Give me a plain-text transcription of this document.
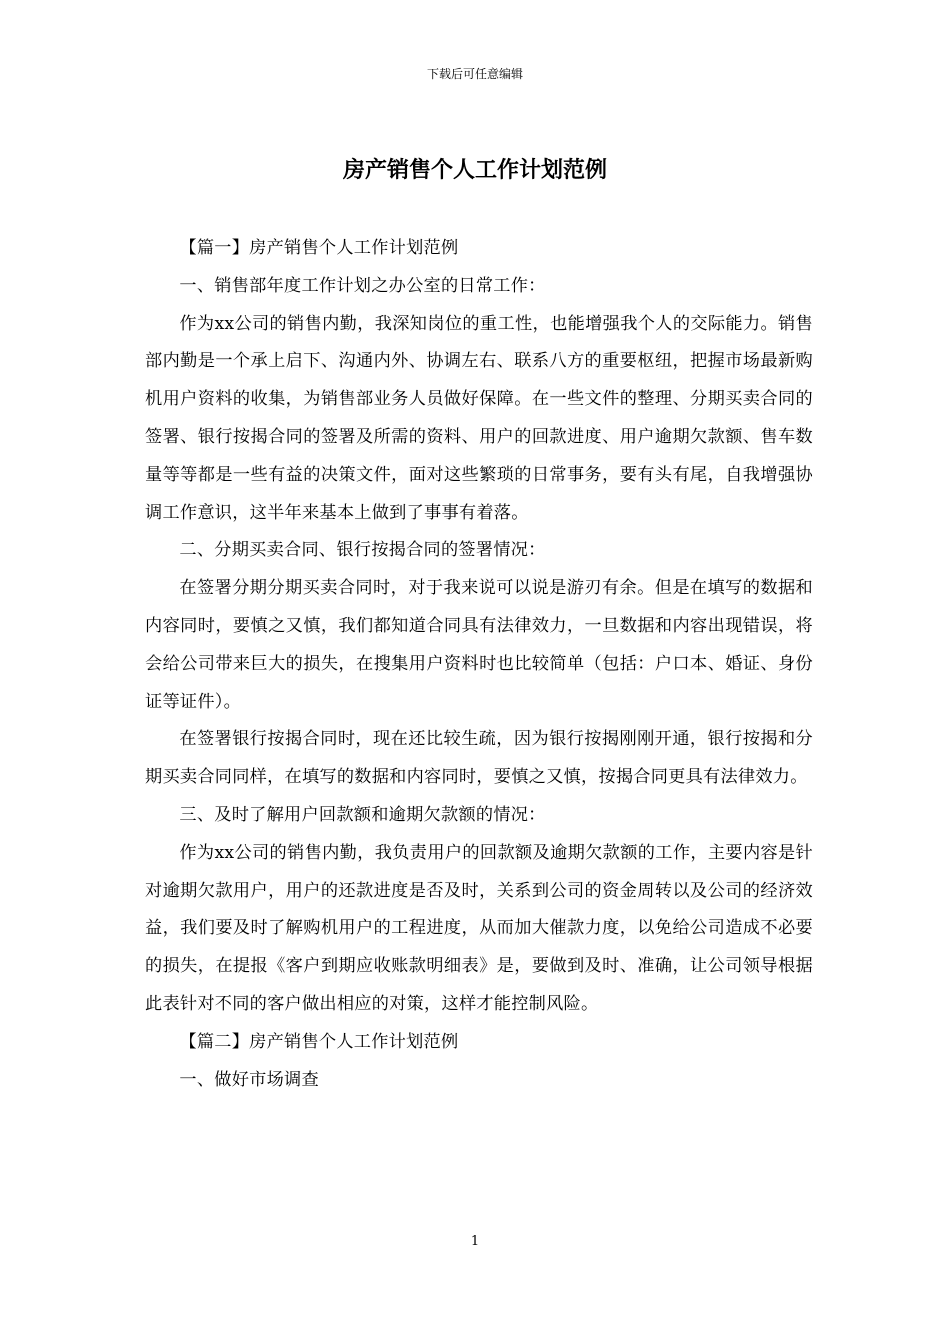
下载后可任意编辑
房产销售个人工作计划范例

【篇一】房产销售个人工作计划范例

一、销售部年度工作计划之办公室的日常工作：

作为xx公司的销售内勤，我深知岗位的重工性，也能增强我个人的交际能力。销售部内勤是一个承上启下、沟通内外、协调左右、联系八方的重要枢纽，把握市场最新购机用户资料的收集，为销售部业务人员做好保障。在一些文件的整理、分期买卖合同的签署、银行按揭合同的签署及所需的资料、用户的回款进度、用户逾期欠款额、售车数量等等都是一些有益的决策文件，面对这些繁琐的日常事务，要有头有尾，自我增强协调工作意识，这半年来基本上做到了事事有着落。

二、分期买卖合同、银行按揭合同的签署情况：

在签署分期分期买卖合同时，对于我来说可以说是游刃有余。但是在填写的数据和内容同时，要慎之又慎，我们都知道合同具有法律效力，一旦数据和内容出现错误，将会给公司带来巨大的损失，在搜集用户资料时也比较简单（包括：户口本、婚证、身份证等证件）。

在签署银行按揭合同时，现在还比较生疏，因为银行按揭刚刚开通，银行按揭和分期买卖合同同样，在填写的数据和内容同时，要慎之又慎，按揭合同更具有法律效力。

三、及时了解用户回款额和逾期欠款额的情况：

作为xx公司的销售内勤，我负责用户的回款额及逾期欠款额的工作，主要内容是针对逾期欠款用户，用户的还款进度是否及时，关系到公司的资金周转以及公司的经济效益，我们要及时了解购机用户的工程进度，从而加大催款力度，以免给公司造成不必要的损失，在提报《客户到期应收账款明细表》是，要做到及时、准确，让公司领导根据此表针对不同的客户做出相应的对策，这样才能控制风险。

【篇二】房产销售个人工作计划范例

一、做好市场调查

1
